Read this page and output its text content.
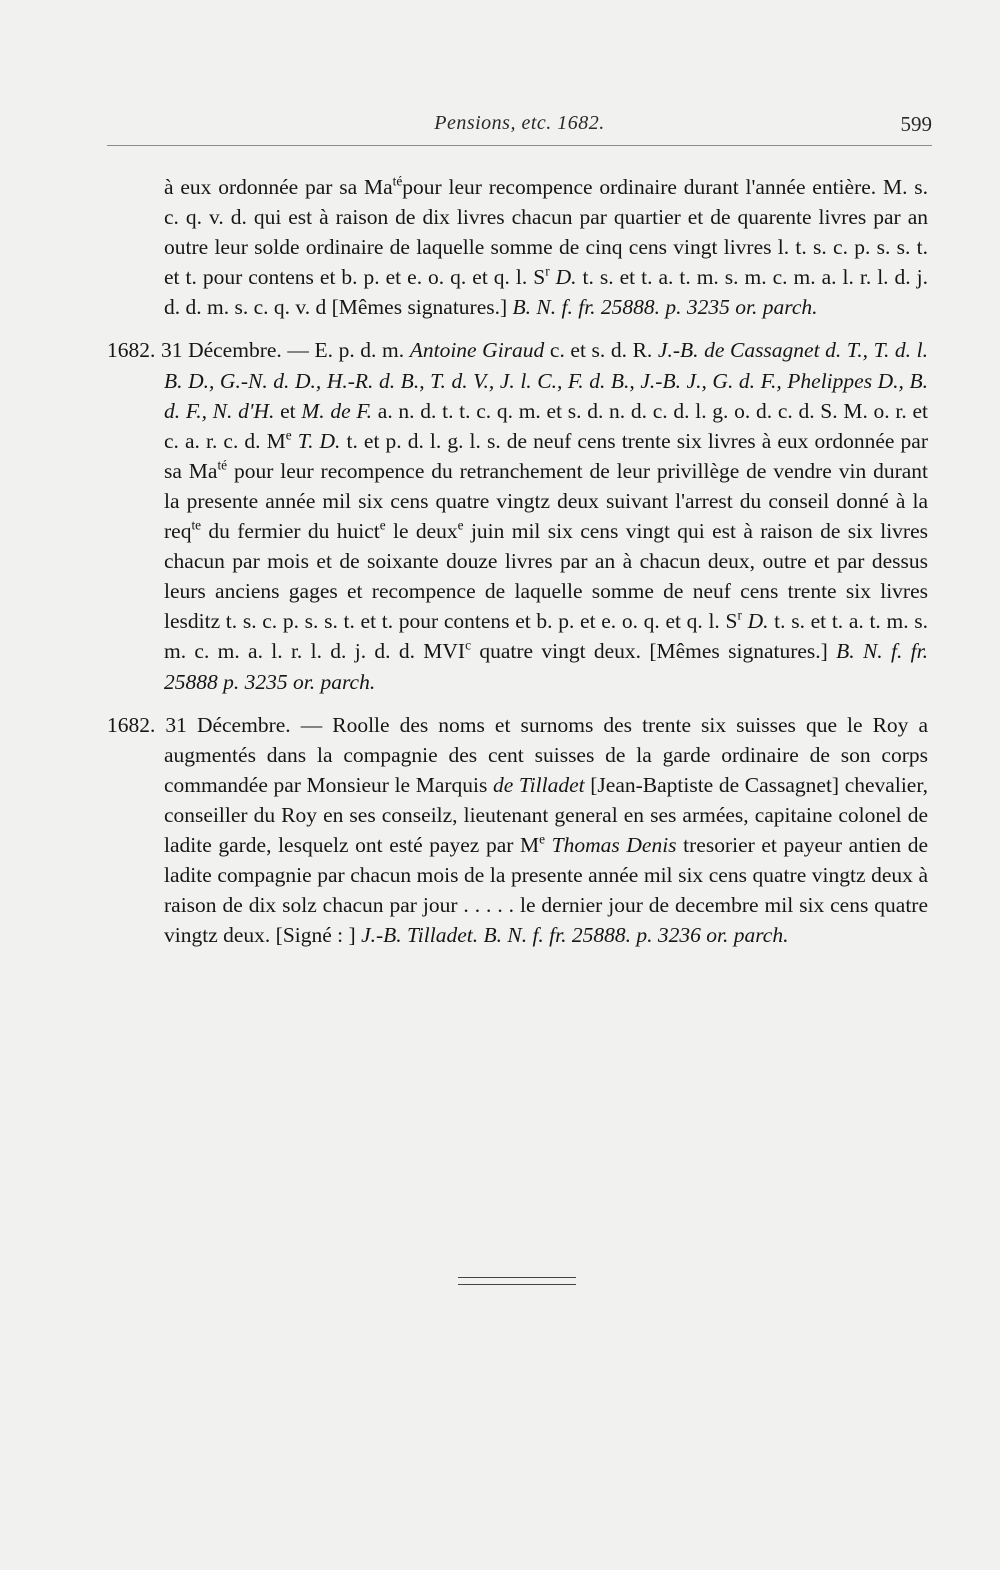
Pensions, etc. 1682.	599

à eux ordonnée par sa $Ma^{té}pour$ leur recompence ordinaire durant l'année entière. M. s. c. q. v. d. qui est à raison de dix livres chacun par quartier et de quarente livres par an outre leur solde ordinaire de laquelle somme de cinq cens vingt livres l. t. s. c. p. s. s. t. et t. pour contens et b. p. et e. o. q. et q. l. $S^r$ D. t. s. et t. a. t. m. s. m. c. m. a. l. r. l. d. j. d. d. m. s. c. q. v. d [Mêmes signatures.] B. N. f. fr. 25888. p. 3235 or. parch.

1682. 31 Décembre. — E. p. d. m. Antoine Giraud c. et s. d. R. J.-B. de Cassagnet d. T., T. d. l. B. D., G.-N. d. D., H.-R. d. B., T. d. V., J. l. C., F. d. B., J.-B. J., G. d. F., Phelippes D., B. d. F., N. d'H. et M. de F. a. n. d. t. t. c. q. m. et s. d. n. d. c. d. l. g. o. d. c. d. S. M. o. r. et c. a. r. c. d. Me T. D. t. et p. d. l. g. l. s. de neuf cens trente six livres à eux ordonnée par sa $Ma^{té}$ pour leur recompence du retranchement de leur privillège de vendre vin durant la presente année mil six cens quatre vingtz deux suivant l'arrest du conseil donné à la req$^{te}$ du fermier du huict$^e$ le deux$^e$ juin mil six cens vingt qui est à raison de six livres chacun par mois et de soixante douze livres par an à chacun deux, outre et par dessus leurs anciens gages et recompence de laquelle somme de neuf cens trente six livres lesditz t. s. c. p. s. s. t. et t. pour contens et b. p. et e. o. q. et q. l. $S^r$ D. t. s. et t. a. t. m. s. m. c. m. a. l. r. l. d. j. d. d. MVI$^c$ quatre vingt deux. [Mêmes signatures.] B. N. f. fr. 25888 p. 3235 or. parch.

1682. 31 Décembre. — Roolle des noms et surnoms des trente six suisses que le Roy a augmentés dans la compagnie des cent suisses de la garde ordinaire de son corps commandée par Monsieur le Marquis de Tilladet [Jean-Baptiste de Cassagnet] chevalier, conseiller du Roy en ses conseilz, lieutenant general en ses armées, capitaine colonel de ladite garde, lesquelz ont esté payez par Me Thomas Denis tresorier et payeur antien de ladite compagnie par chacun mois de la presente année mil six cens quatre vingtz deux à raison de dix solz chacun par jour . . . . . le dernier jour de decembre mil six cens quatre vingtz deux. [Signé : ] J.-B. Tilladet. B. N. f. fr. 25888. p. 3236 or. parch.
